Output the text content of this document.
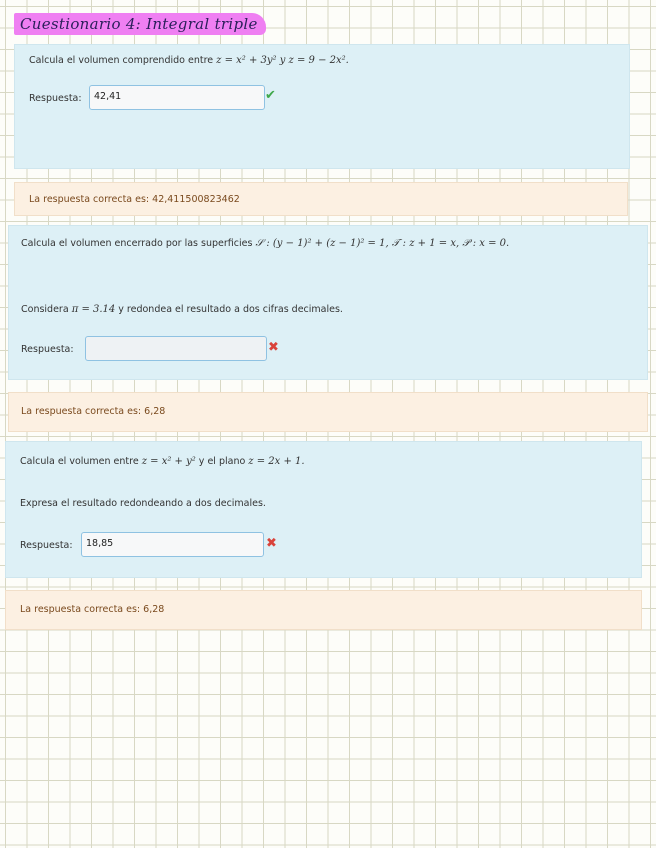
Cuestionario 4: Integral triple
Calcula el volumen comprendido entre z = x² + 3y² y z = 9 − 2x².
Respuesta:	42,41	✔
La respuesta correcta es: 42,411500823462
Calcula el volumen encerrado por las superficies 𝒮 : (y − 1)² + (z − 1)² = 1, 𝒯 : z + 1 = x, 𝒫 : x = 0.
Considera π = 3.14 y redondea el resultado a dos cifras decimales.
Respuesta:	✖
La respuesta correcta es: 6,28
Calcula el volumen entre z = x² + y² y el plano z = 2x + 1.
Expresa el resultado redondeando a dos decimales.
Respuesta:	18,85	✖
La respuesta correcta es: 6,28
